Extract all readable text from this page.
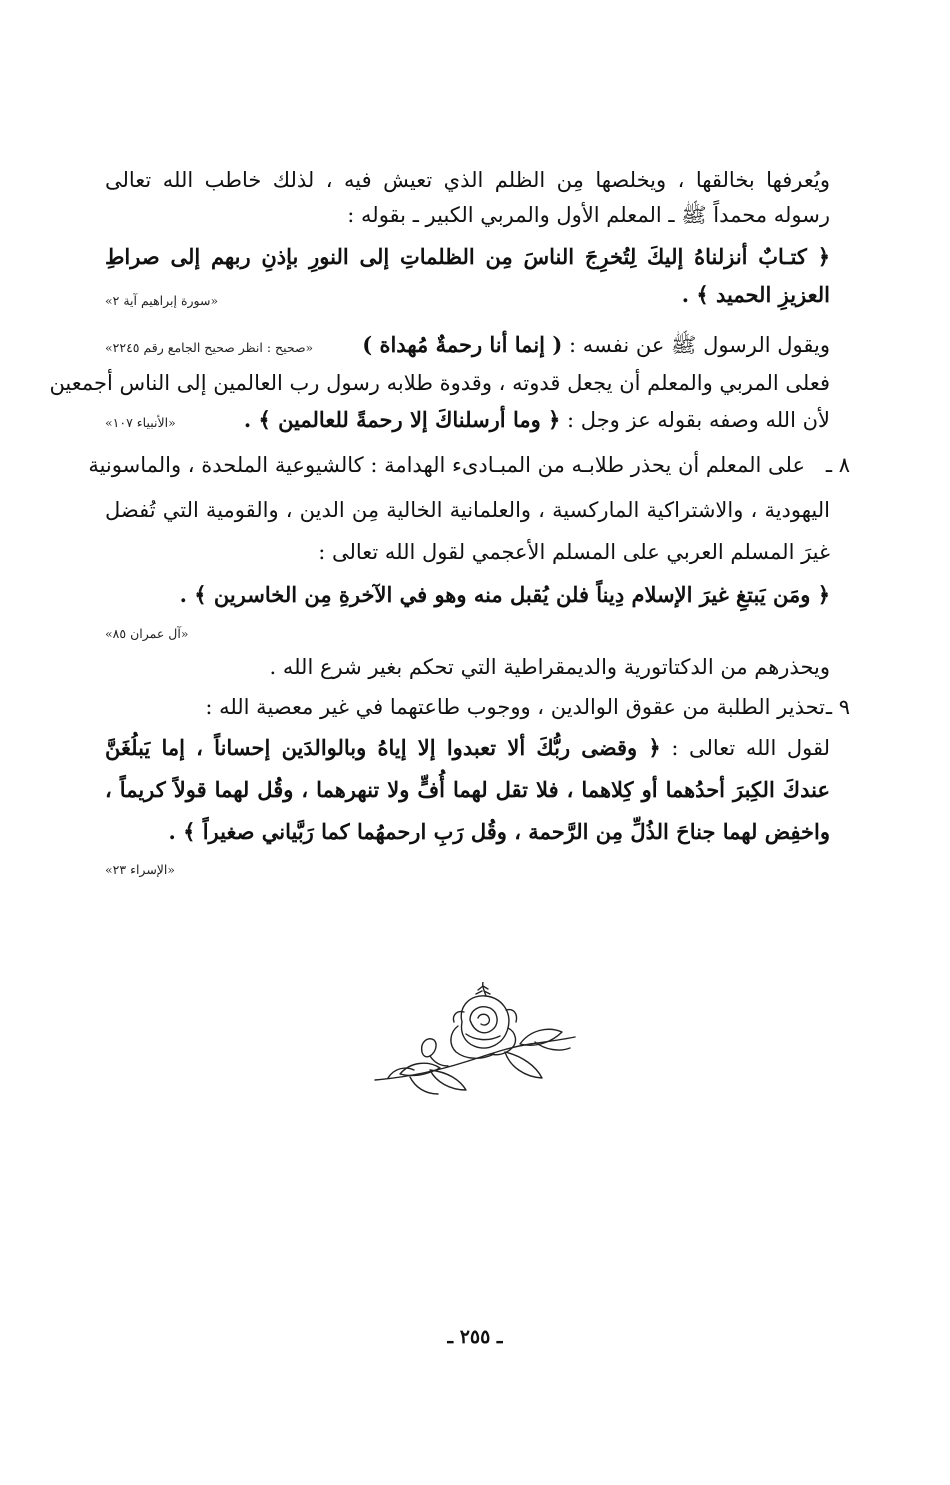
ويُعرفها بخالقها ، ويخلصها مِن الظلم الذي تعيش فيه ، لذلك خاطب الله تعالى
رسوله محمداً ﷺ ـ المعلم الأول والمربي الكبير ـ بقوله :
﴿ كتـابٌ أنزلناهُ إليكَ لِتُخرِجَ الناسَ مِن الظلماتِ إلى النورِ بإذنِ ربهم إلى صراطِ
العزيزِ الحميد ﴾ .
«سورة إبراهيم آية ٢»
ويقول الرسول ﷺ عن نفسه : ( إنما أنا رحمةٌ مُهداة )
«صحيح : انظر صحيح الجامع رقم ٢٢٤٥»
فعلى المربي والمعلم أن يجعل قدوته ، وقدوة طلابه رسول رب العالمين إلى الناس أجمعين
لأن الله وصفه بقوله عز وجل : ﴿ وما أرسلناكَ إلا رحمةً للعالمين ﴾ .
«الأنبياء ١٠٧»
٨ ـ
على المعلم أن يحذر طلابـه من المبـادىء الهدامة : كالشيوعية الملحدة ، والماسونية
اليهودية ، والاشتراكية الماركسية ، والعلمانية الخالية مِن الدين ، والقومية التي تُفضل
غيرَ المسلم العربي على المسلم الأعجمي لقول الله تعالى :
﴿ ومَن يَبتغِ غيرَ الإسلام دِيناً فلن يُقبل منه وهو في الآخرةِ مِن الخاسرين ﴾ .
«آل عمران ٨٥»
ويحذرهم من الدكتاتورية والديمقراطية التي تحكم بغير شرع الله .
٩ ـ
تحذير الطلبة من عقوق الوالدين ، ووجوب طاعتهما في غير معصية الله :
لقول الله تعالى : ﴿ وقضى ربُّكَ ألا تعبدوا إلا إياهُ وبالوالدَين إحساناً ، إما يَبلُغَنَّ
عندكَ الكِبرَ أحدُهما أو كِلاهما ، فلا تقل لهما أُفٍّ ولا تنهرهما ، وقُل لهما قولاً كريماً ،
واخفِض لهما جناحَ الذُلِّ مِن الرَّحمة ، وقُل رَبِ ارحمهُما كما رَبَّياني صغيراً ﴾ .
«الإسراء ٢٣»
ـ ٢٥٥ ـ
